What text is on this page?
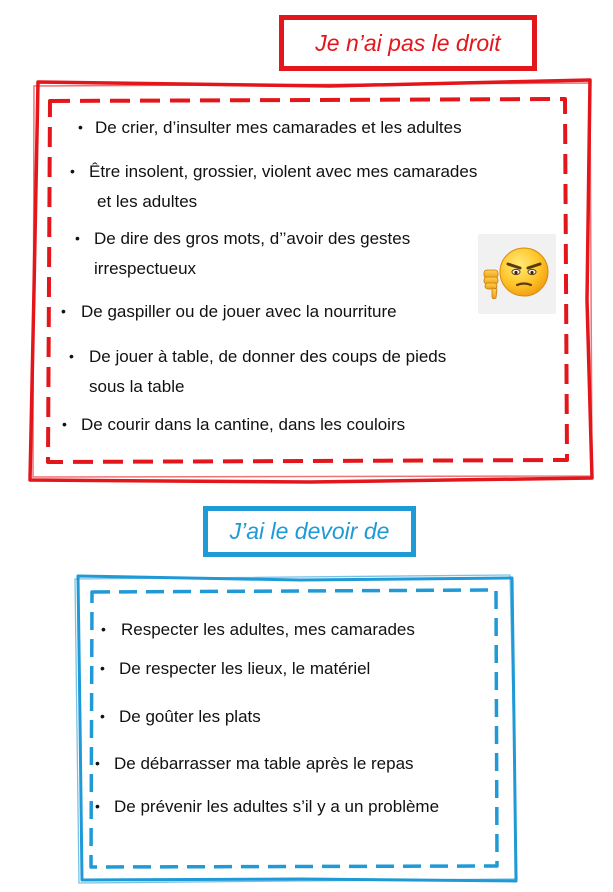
Je n’ai pas le droit
J’ai le devoir de
• De crier, d’insulter mes camarades et les adultes
• Être insolent, grossier, violent avec mes camarades
et les adultes
• De dire des gros mots, d’’avoir des gestes
irrespectueux
• De gaspiller ou de jouer avec la nourriture
• De jouer à table, de donner des coups de pieds
sous la table
• De courir dans la cantine, dans les couloirs
• Respecter les adultes, mes camarades
• De respecter les lieux, le matériel
• De goûter les plats
• De débarrasser ma table après le repas
• De prévenir les adultes s’il y a un problème
